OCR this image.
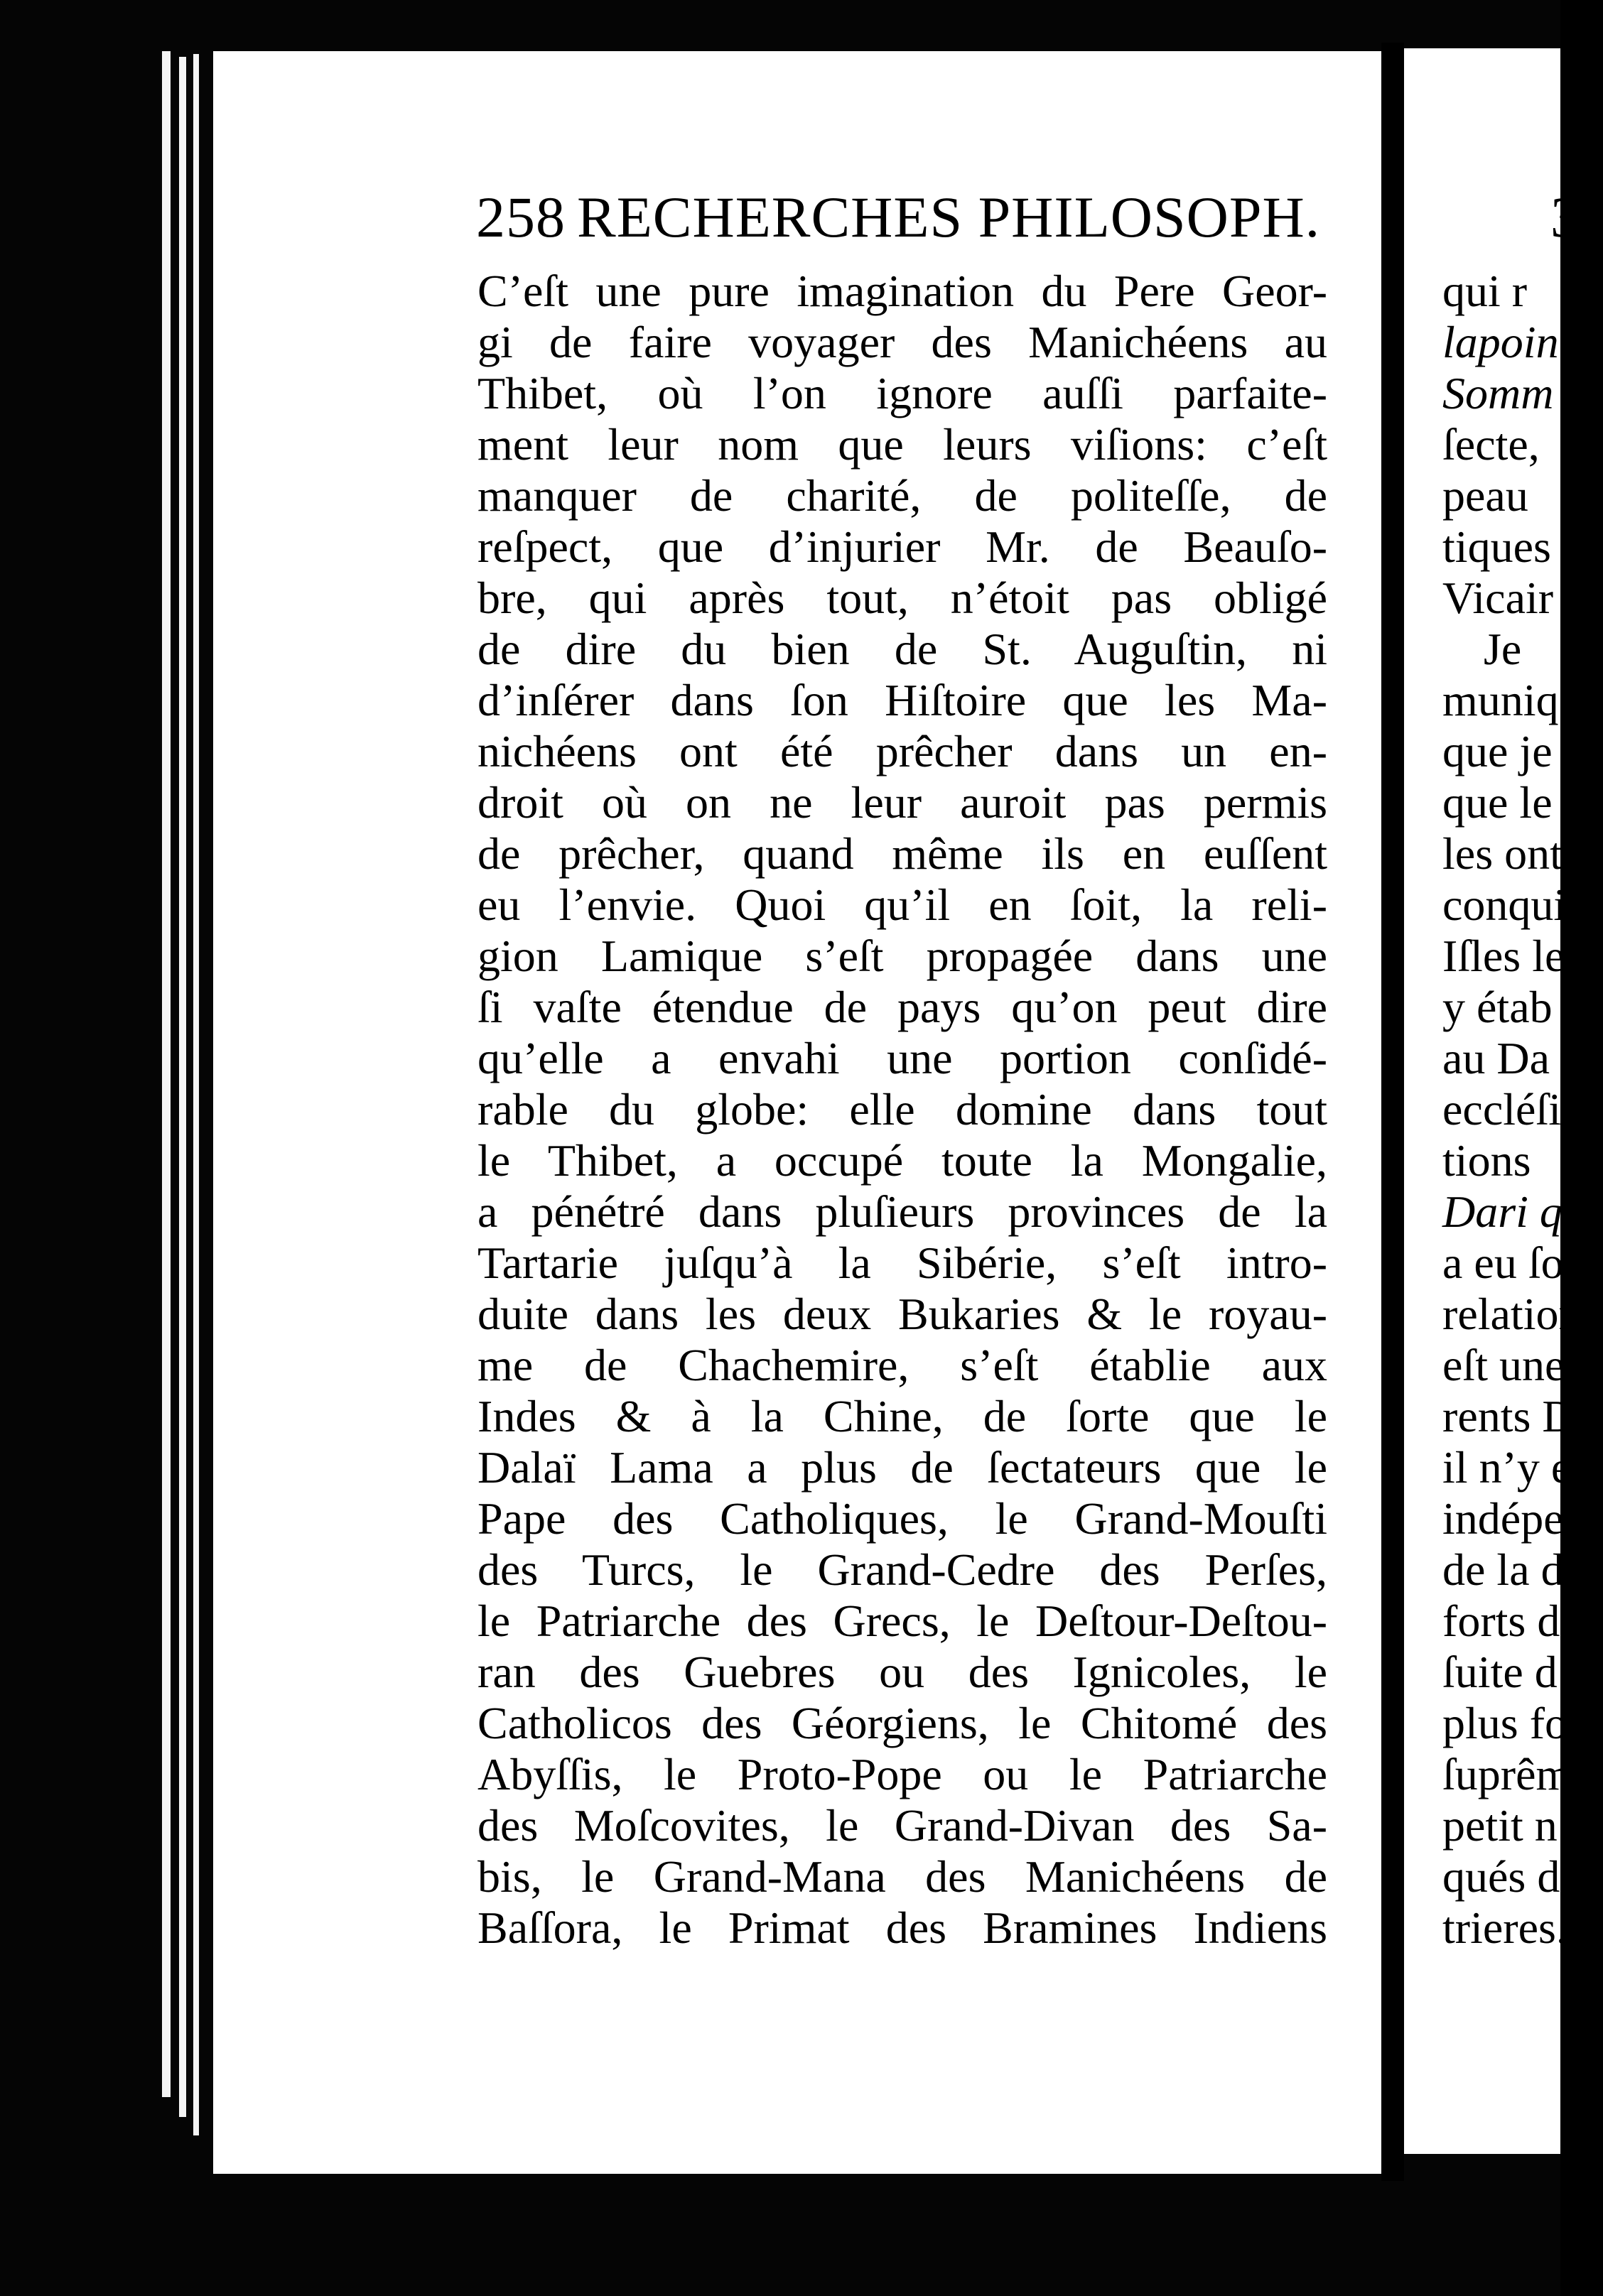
258 RECHERCHES PHILOSOPH.
C’eſt une pure imagination du Pere Geor-
gi de faire voyager des Manichéens au
Thibet, où l’on ignore auſſi parfaite-
ment leur nom que leurs viſions: c’eſt
manquer de charité, de politeſſe, de
reſpect, que d’injurier Mr. de Beauſo-
bre, qui après tout, n’étoit pas obligé
de dire du bien de St. Auguſtin, ni
d’inſérer dans ſon Hiſtoire que les Ma-
nichéens ont été prêcher dans un en-
droit où on ne leur auroit pas permis
de prêcher, quand même ils en euſſent
eu l’envie. Quoi qu’il en ſoit, la reli-
gion Lamique s’eſt propagée dans une
ſi vaſte étendue de pays qu’on peut dire
qu’elle a envahi une portion conſidé-
rable du globe: elle domine dans tout
le Thibet, a occupé toute la Mongalie,
a pénétré dans pluſieurs provinces de la
Tartarie juſqu’à la Sibérie, s’eſt intro-
duite dans les deux Bukaries & le royau-
me de Chachemire, s’eſt établie aux
Indes & à la Chine, de ſorte que le
Dalaï Lama a plus de ſectateurs que le
Pape des Catholiques, le Grand-Mouſti
des Turcs, le Grand-Cedre des Perſes,
le Patriarche des Grecs, le Deſtour-Deſtou-
ran des Guebres ou des Ignicoles, le
Catholicos des Géorgiens, le Chitomé des
Abyſſis, le Proto-Pope ou le Patriarche
des Moſcovites, le Grand-Divan des Sa-
bis, le Grand-Mana des Manichéens de
Baſſora, le Primat des Bramines Indiens
3
qui r
lapoin
Somm
ſecte,
peau
tiques
Vicair
Je
muniq
que je
que le
les ont
conqui
Iſles le
y étab
au Da
eccléſia
tions
Dari q
a eu ſo
relation
eſt une
rents D
il n’y e
indépen
de la d
forts d’
ſuite d
plus fo
ſuprême
petit n
qués dan
trieres.
